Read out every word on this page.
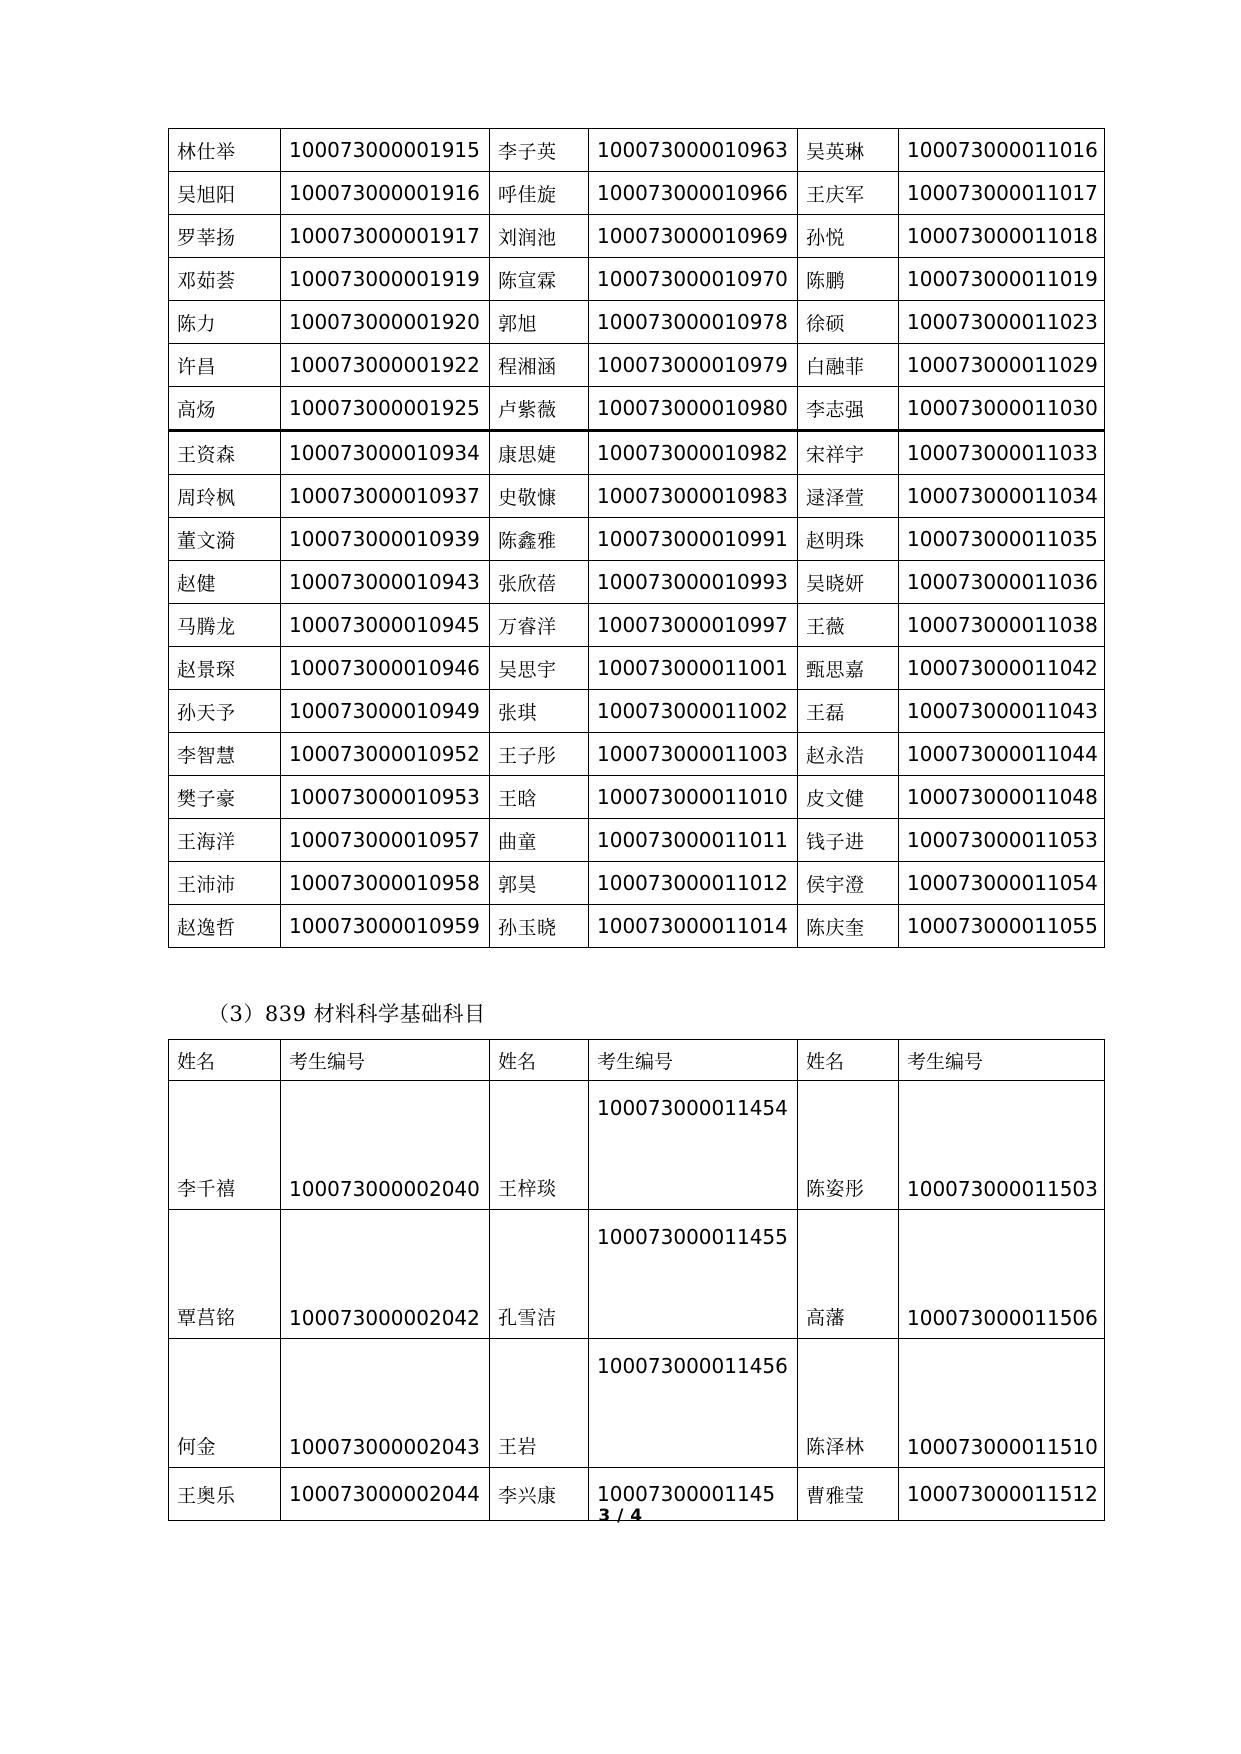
林仕举	100073000001915	李子英	100073000010963	吴英琳	100073000011016
吴旭阳	100073000001916	呼佳旋	100073000010966	王庆军	100073000011017
罗莘扬	100073000001917	刘润池	100073000010969	孙悦	100073000011018
邓茹荟	100073000001919	陈宣霖	100073000010970	陈鹏	100073000011019
陈力	100073000001920	郭旭	100073000010978	徐硕	100073000011023
许昌	100073000001922	程湘涵	100073000010979	白融菲	100073000011029
高炀	100073000001925	卢紫薇	100073000010980	李志强	100073000011030
王资森	100073000010934	康思婕	100073000010982	宋祥宇	100073000011033
周玲枫	100073000010937	史敬慷	100073000010983	逯泽萱	100073000011034
董文漪	100073000010939	陈鑫雅	100073000010991	赵明珠	100073000011035
赵健	100073000010943	张欣蓓	100073000010993	吴晓妍	100073000011036
马腾龙	100073000010945	万睿洋	100073000010997	王薇	100073000011038
赵景琛	100073000010946	吴思宇	100073000011001	甄思嘉	100073000011042
孙天予	100073000010949	张琪	100073000011002	王磊	100073000011043
李智慧	100073000010952	王子彤	100073000011003	赵永浩	100073000011044
樊子豪	100073000010953	王晗	100073000011010	皮文健	100073000011048
王海洋	100073000010957	曲童	100073000011011	钱子进	100073000011053
王沛沛	100073000010958	郭昊	100073000011012	侯宇澄	100073000011054
赵逸哲	100073000010959	孙玉晓	100073000011014	陈庆奎	100073000011055
（3）839 材料科学基础科目
姓名	考生编号	姓名	考生编号	姓名	考生编号
李千禧	100073000002040	王梓琰	100073000011454	陈姿彤	100073000011503
覃莒铭	100073000002042	孔雪洁	100073000011455	高藩	100073000011506
何金	100073000002043	王岩	100073000011456	陈泽林	100073000011510
王奥乐	100073000002044	李兴康	10007300001145	曹雅莹	100073000011512
3 / 4
